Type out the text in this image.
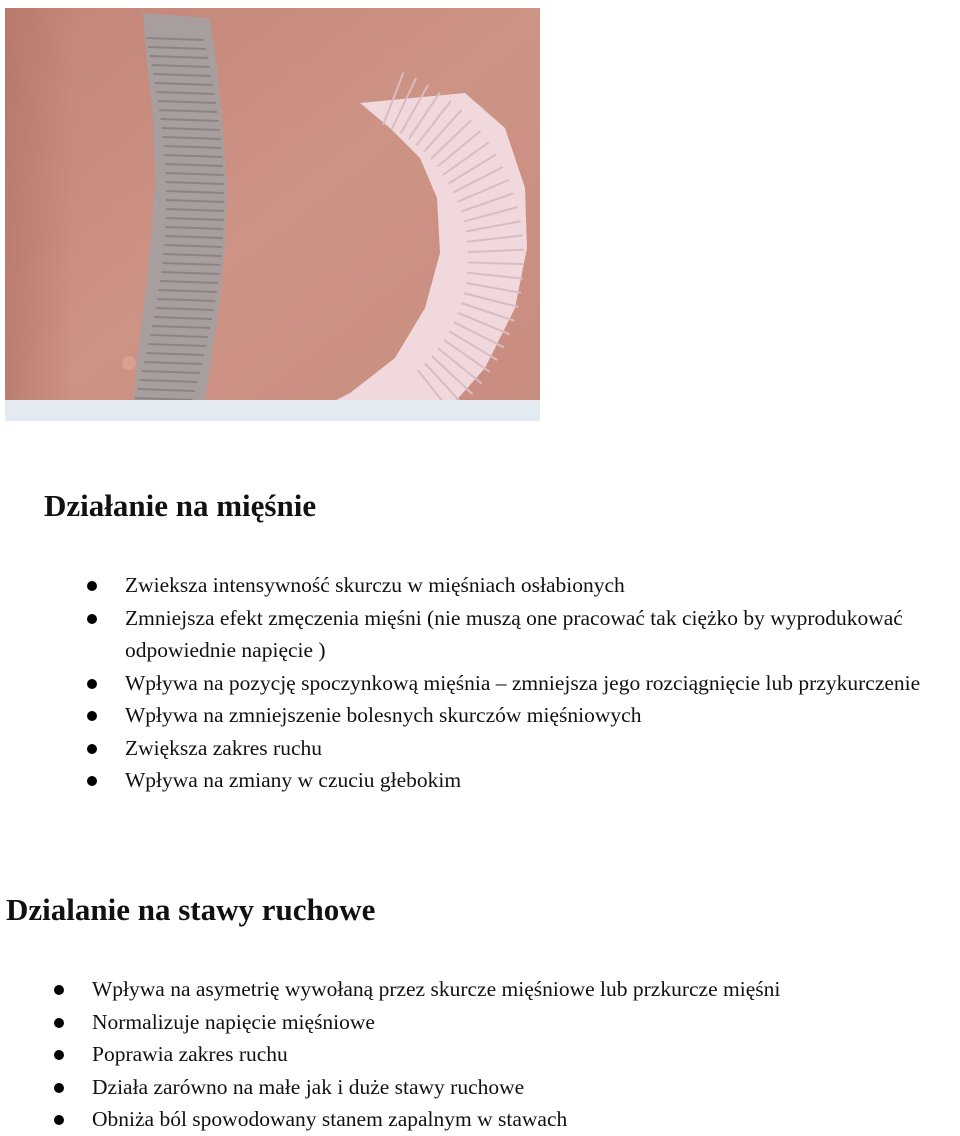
Działanie na mięśnie
Zwieksza intensywność skurczu w mięśniach osłabionych
Zmniejsza efekt zmęczenia mięśni (nie muszą one pracować tak ciężko by wyprodukować odpowiednie napięcie )
Wpływa na pozycję spoczynkową mięśnia – zmniejsza jego rozciągnięcie lub przykurczenie
Wpływa na zmniejszenie bolesnych skurczów mięśniowych
Zwiększa zakres ruchu
Wpływa na zmiany w czuciu głebokim
Dzialanie na stawy ruchowe
Wpływa na asymetrię wywołaną przez skurcze mięśniowe lub przkurcze mięśni
Normalizuje napięcie mięśniowe
Poprawia zakres ruchu
Działa zarówno na małe jak i duże stawy ruchowe
Obniża ból spowodowany stanem zapalnym w stawach
